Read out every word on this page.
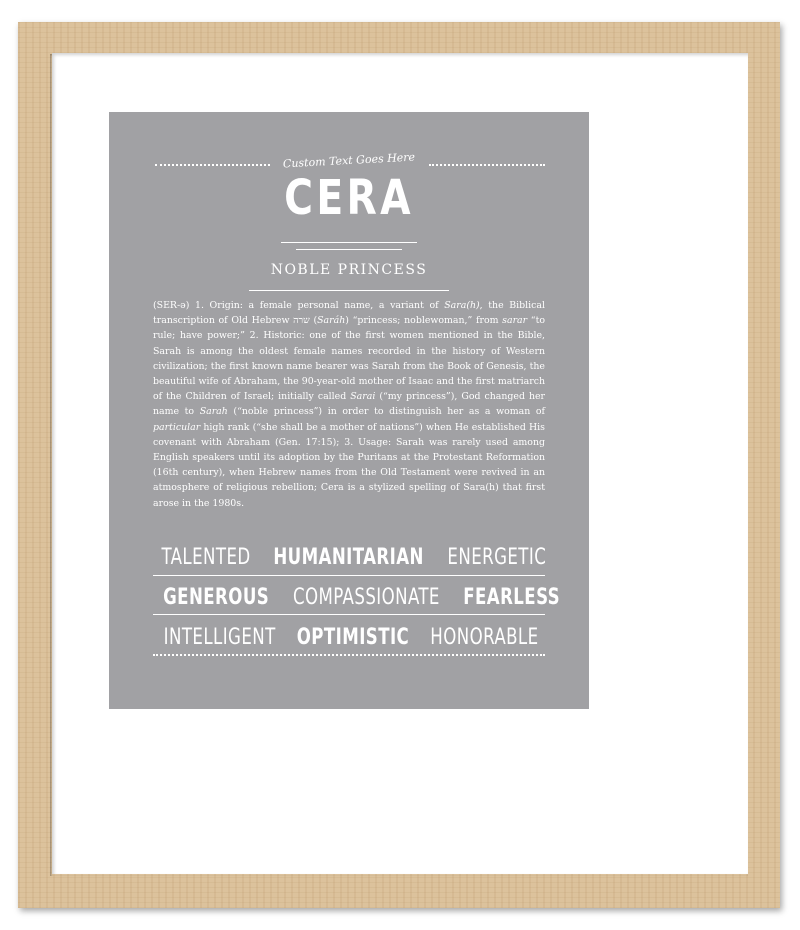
Custom Text Goes Here
CERA
NOBLE PRINCESS
(SER-ə) 1. Origin: a female personal name, a variant of Sara(h), the Biblical transcription of Old Hebrew שרה (Saráh) “princess; noblewoman,” from sarar “to rule; have power;” 2. Historic: one of the first women mentioned in the Bible, Sarah is among the oldest female names recorded in the history of Western civilization; the first known name bearer was Sarah from the Book of Genesis, the beautiful wife of Abraham, the 90-year-old mother of Isaac and the first matriarch of the Children of Israel; initially called Sarai (“my princess”), God changed her name to Sarah (“noble princess”) in order to distinguish her as a woman of particular high rank (“she shall be a mother of nations”) when He established His covenant with Abraham (Gen. 17:15); 3. Usage: Sarah was rarely used among English speakers until its adoption by the Puritans at the Protestant Reformation (16th century), when Hebrew names from the Old Testament were revived in an atmosphere of religious rebellion; Cera is a stylized spelling of Sara(h) that first arose in the 1980s.
TALENTED HUMANITARIAN ENERGETIC
GENEROUS COMPASSIONATE FEARLESS
INTELLIGENT OPTIMISTIC HONORABLE
